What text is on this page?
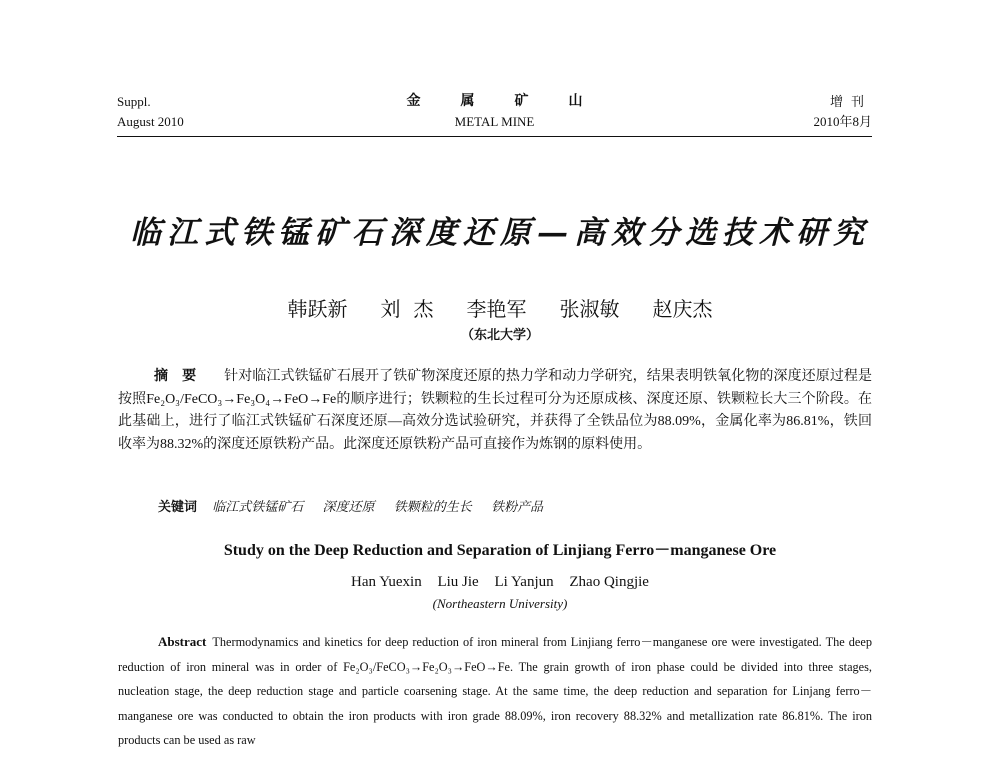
Suppl.
August 2010
金属矿山
METAL MINE
增刊
2010年8月
临江式铁锰矿石深度还原—高效分选技术研究
韩跃新 刘 杰 李艳军 张淑敏 赵庆杰
（东北大学）
摘要 针对临江式铁锰矿石展开了铁矿物深度还原的热力学和动力学研究，结果表明铁氧化物的深度还原过程是按照Fe₂O₃/FeCO₃→Fe₃O₄→FeO→Fe的顺序进行；铁颗粒的生长过程可分为还原成核、深度还原、铁颗粒长大三个阶段。在此基础上，进行了临江式铁锰矿石深度还原—高效分选试验研究，并获得了全铁品位为88.09%，金属化率为86.81%，铁回收率为88.32%的深度还原铁粉产品。此深度还原铁粉产品可直接作为炼钢的原料使用。
关键词 临江式铁锰矿石 深度还原 铁颗粒的生长 铁粉产品
Study on the Deep Reduction and Separation of Linjiang Ferro－manganese Ore
Han Yuexin Liu Jie Li Yanjun Zhao Qingjie
(Northeastern University)
Abstract Thermodynamics and kinetics for deep reduction of iron mineral from Linjiang ferro－manganese ore were investigated. The deep reduction of iron mineral was in order of Fe₂O₃/FeCO₃→Fe₂O₃→FeO→Fe. The grain growth of iron phase could be divided into three stages, nucleation stage, the deep reduction stage and particle coarsening stage. At the same time, the deep reduction and separation for Linjang ferro－manganese ore was conducted to obtain the iron products with iron grade 88.09%, iron recovery 88.32% and metallization rate 86.81%. The iron products can be used as raw
